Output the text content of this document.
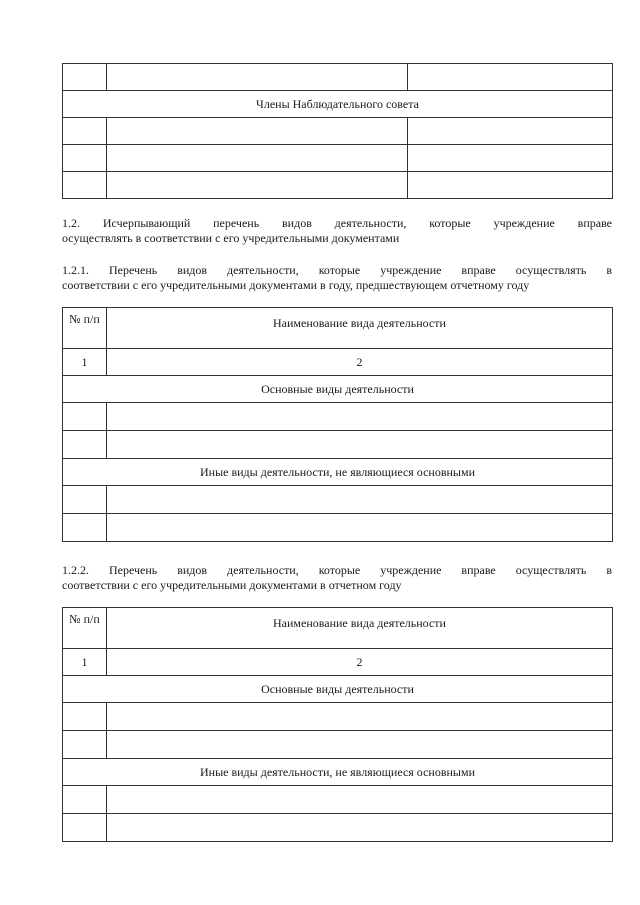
Члены Наблюдательного совета		

1.2. Исчерпывающий перечень видов деятельности, которые учреждение вправе
осуществлять в соответствии с его учредительными документами
1.2.1. Перечень видов деятельности, которые учреждение вправе осуществлять в
соответствии с его учредительными документами в году, предшествующем отчетному году
№ п/п	Наименование вида деятельности
1	2
Основные виды деятельности	

Иные виды деятельности, не являющиеся основными	

1.2.2. Перечень видов деятельности, которые учреждение вправе осуществлять в
соответствии с его учредительными документами в отчетном году
№ п/п	Наименование вида деятельности
1	2
Основные виды деятельности	

Иные виды деятельности, не являющиеся основными	
